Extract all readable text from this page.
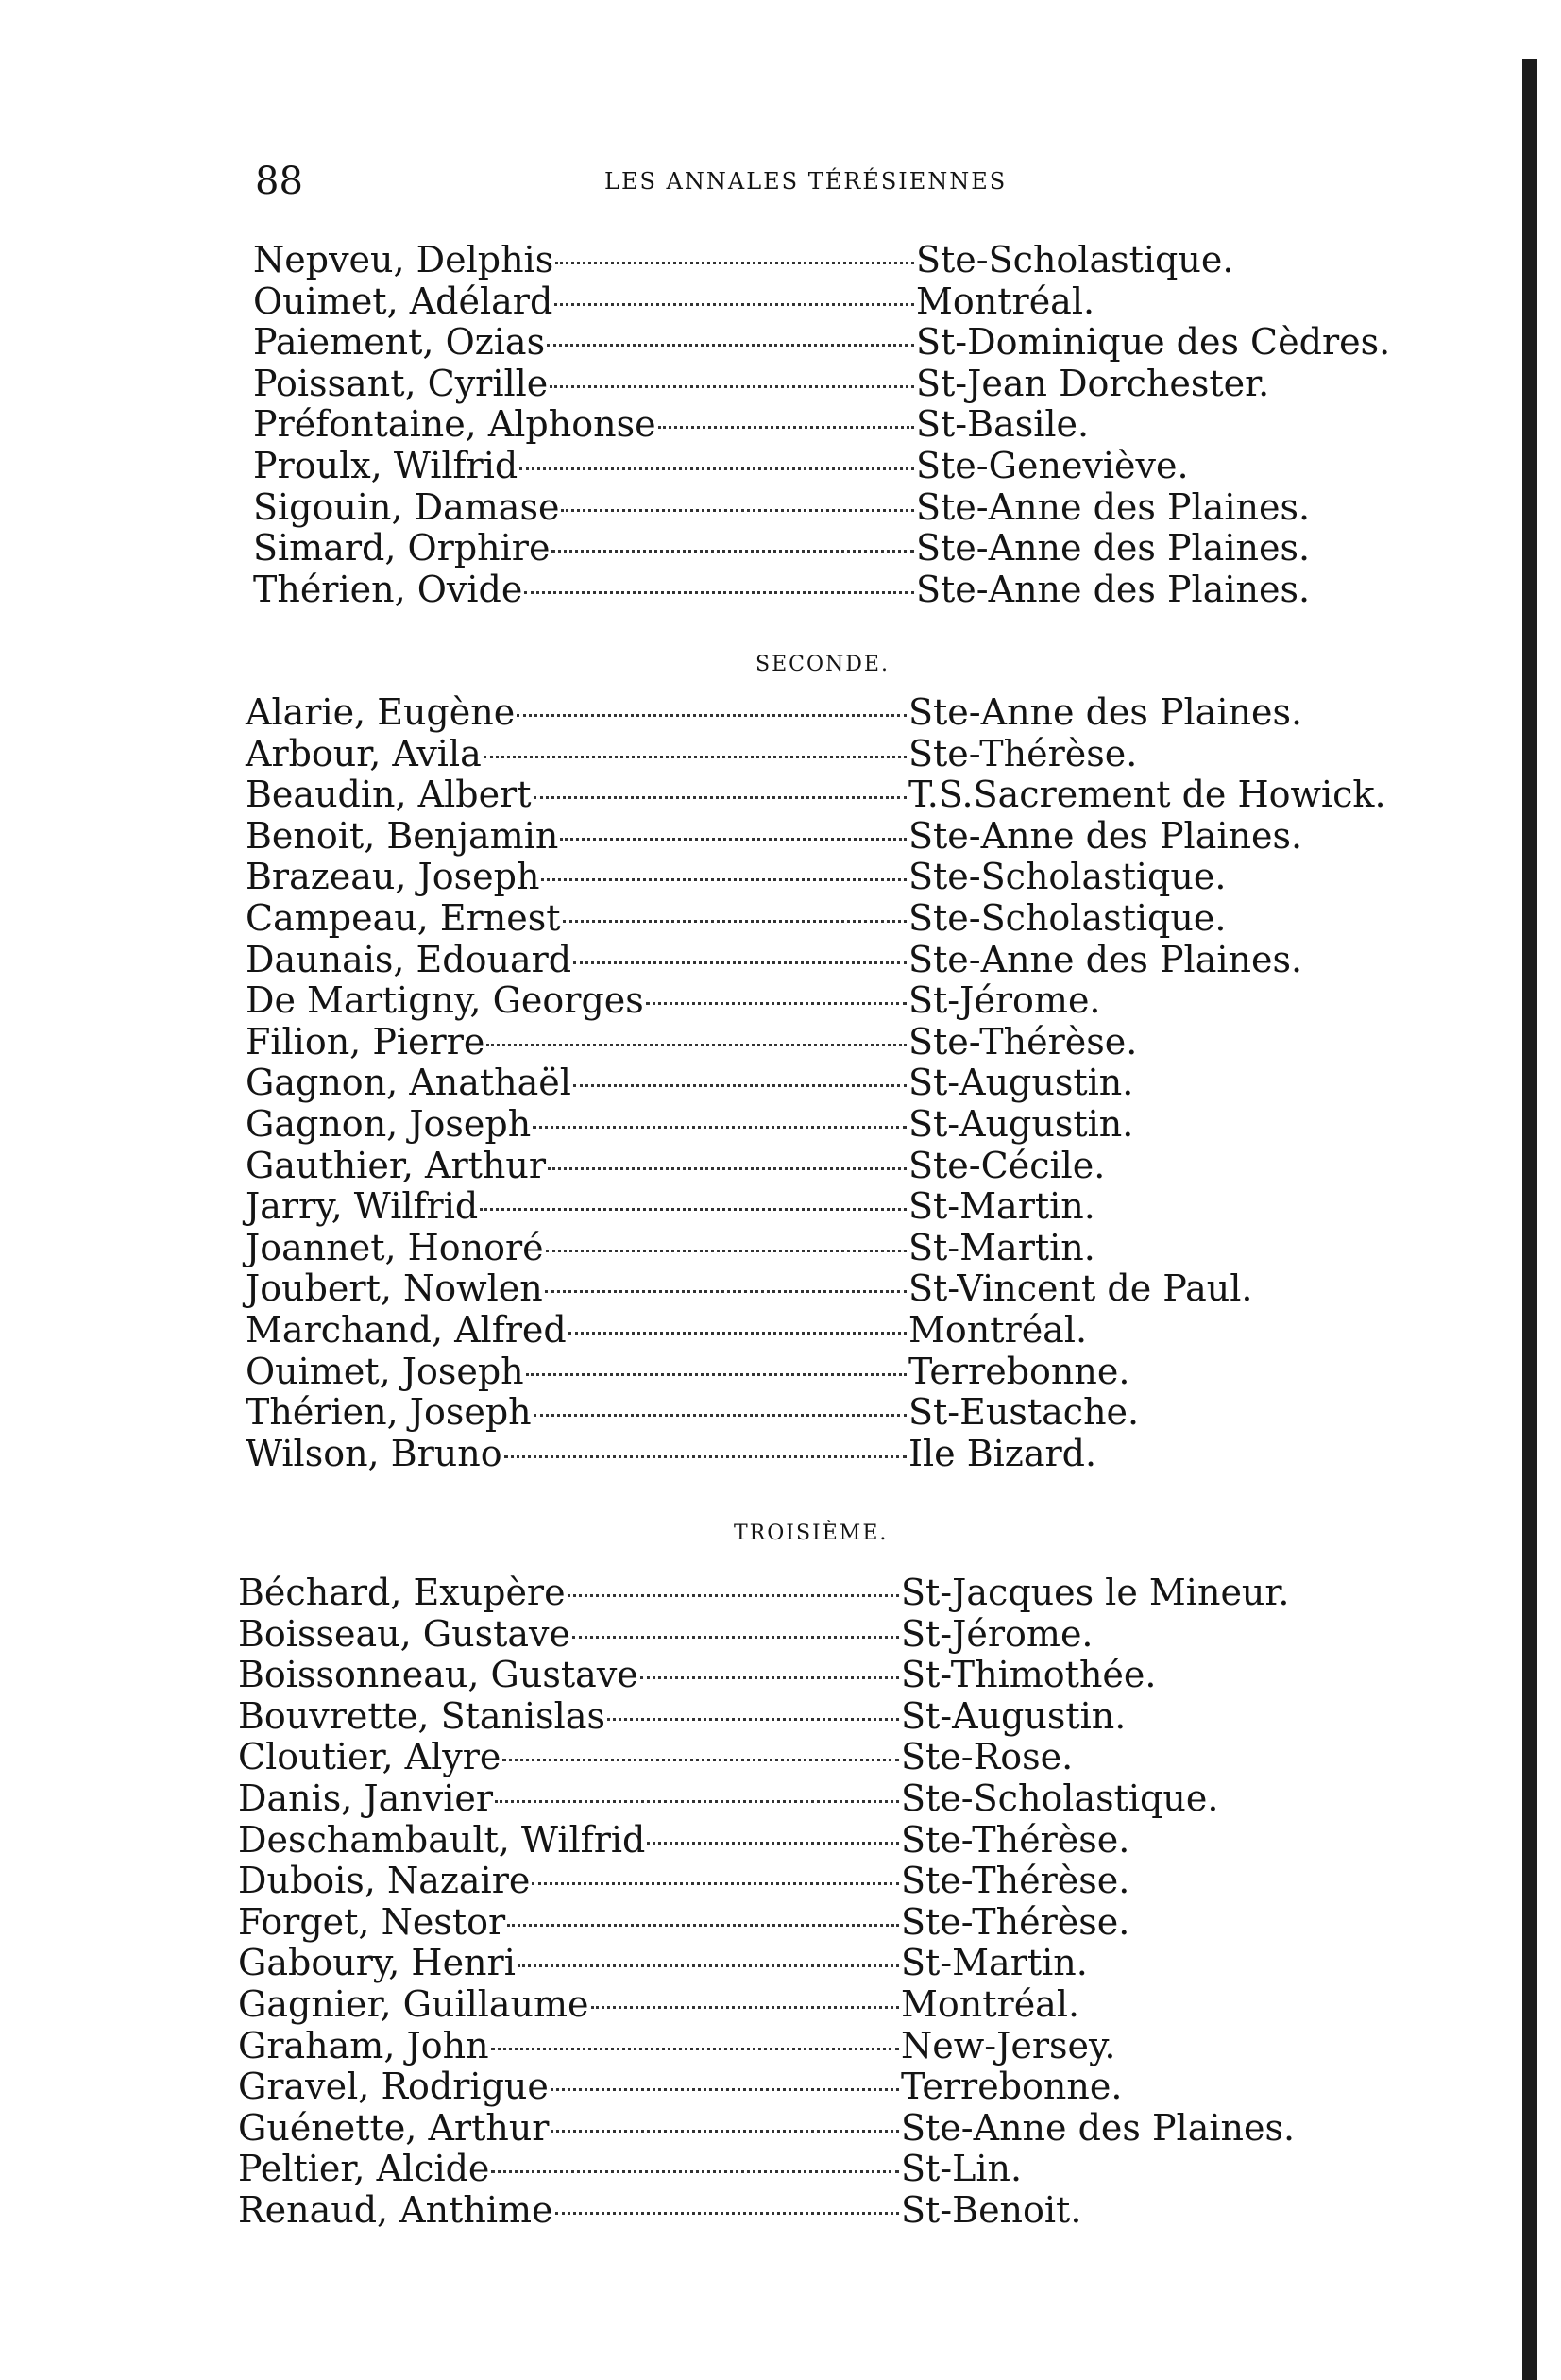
88	LES ANNALES TÉRÉSIENNES
Nepveu, Delphis	Ste-Scholastique.
Ouimet, Adélard	Montréal.
Paiement, Ozias	St-Dominique des Cèdres.
Poissant, Cyrille	St-Jean Dorchester.
Préfontaine, Alphonse	St-Basile.
Proulx, Wilfrid	Ste-Geneviève.
Sigouin, Damase	Ste-Anne des Plaines.
Simard, Orphire	Ste-Anne des Plaines.
Thérien, Ovide	Ste-Anne des Plaines.
SECONDE.
Alarie, Eugène	Ste-Anne des Plaines.
Arbour, Avila	Ste-Thérèse.
Beaudin, Albert	T.S.Sacrement de Howick.
Benoit, Benjamin	Ste-Anne des Plaines.
Brazeau, Joseph	Ste-Scholastique.
Campeau, Ernest	Ste-Scholastique.
Daunais, Edouard	Ste-Anne des Plaines.
De Martigny, Georges	St-Jérome.
Filion, Pierre	Ste-Thérèse.
Gagnon, Anathaël	St-Augustin.
Gagnon, Joseph	St-Augustin.
Gauthier, Arthur	Ste-Cécile.
Jarry, Wilfrid	St-Martin.
Joannet, Honoré	St-Martin.
Joubert, Nowlen	St-Vincent de Paul.
Marchand, Alfred	Montréal.
Ouimet, Joseph	Terrebonne.
Thérien, Joseph	St-Eustache.
Wilson, Bruno	Ile Bizard.
TROISIÈME.
Béchard, Exupère	St-Jacques le Mineur.
Boisseau, Gustave	St-Jérome.
Boissonneau, Gustave	St-Thimothée.
Bouvrette, Stanislas	St-Augustin.
Cloutier, Alyre	Ste-Rose.
Danis, Janvier	Ste-Scholastique.
Deschambault, Wilfrid	Ste-Thérèse.
Dubois, Nazaire	Ste-Thérèse.
Forget, Nestor	Ste-Thérèse.
Gaboury, Henri	St-Martin.
Gagnier, Guillaume	Montréal.
Graham, John	New-Jersey.
Gravel, Rodrigue	Terrebonne.
Guénette, Arthur	Ste-Anne des Plaines.
Peltier, Alcide	St-Lin.
Renaud, Anthime	St-Benoit.
